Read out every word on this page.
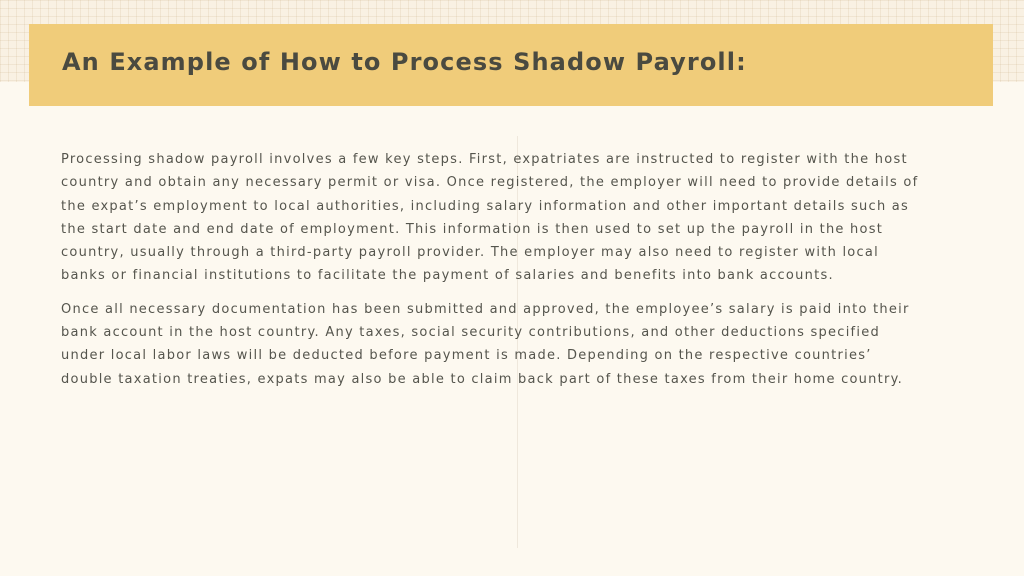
An Example of How to Process Shadow Payroll:

Processing shadow payroll involves a few key steps. First, expatriates are instructed to register with the host
country and obtain any necessary permit or visa. Once registered, the employer will need to provide details of
the expat’s employment to local authorities, including salary information and other important details such as
the start date and end date of employment. This information is then used to set up the payroll in the host
country, usually through a third-party payroll provider. The employer may also need to register with local
banks or financial institutions to facilitate the payment of salaries and benefits into bank accounts.

Once all necessary documentation has been submitted and approved, the employee’s salary is paid into their
bank account in the host country. Any taxes, social security contributions, and other deductions specified
under local labor laws will be deducted before payment is made. Depending on the respective countries’
double taxation treaties, expats may also be able to claim back part of these taxes from their home country.
